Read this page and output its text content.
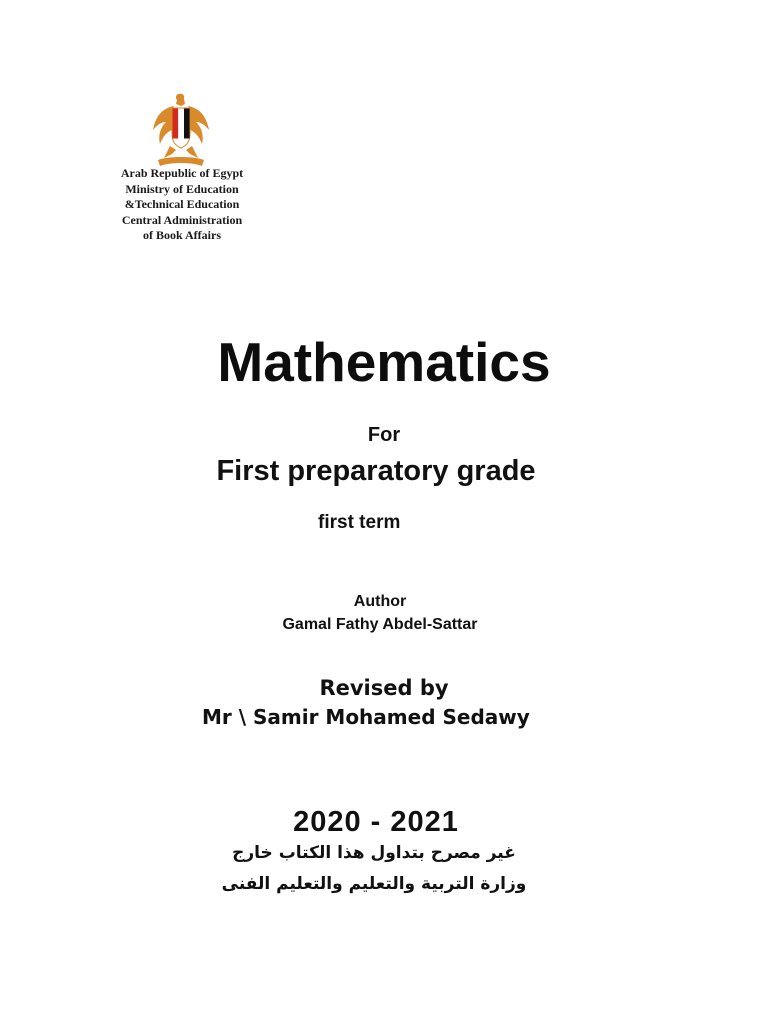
Arab Republic of Egypt
Ministry of Education
&Technical Education
Central Administration
of Book Affairs
Mathematics
For
First preparatory grade
first term
Author
Gamal Fathy Abdel-Sattar
Revised by
Mr \ Samir Mohamed Sedawy
2020 - 2021
غير مصرح بتداول هذا الكتاب خارج
وزارة التربية والتعليم والتعليم الفنى
